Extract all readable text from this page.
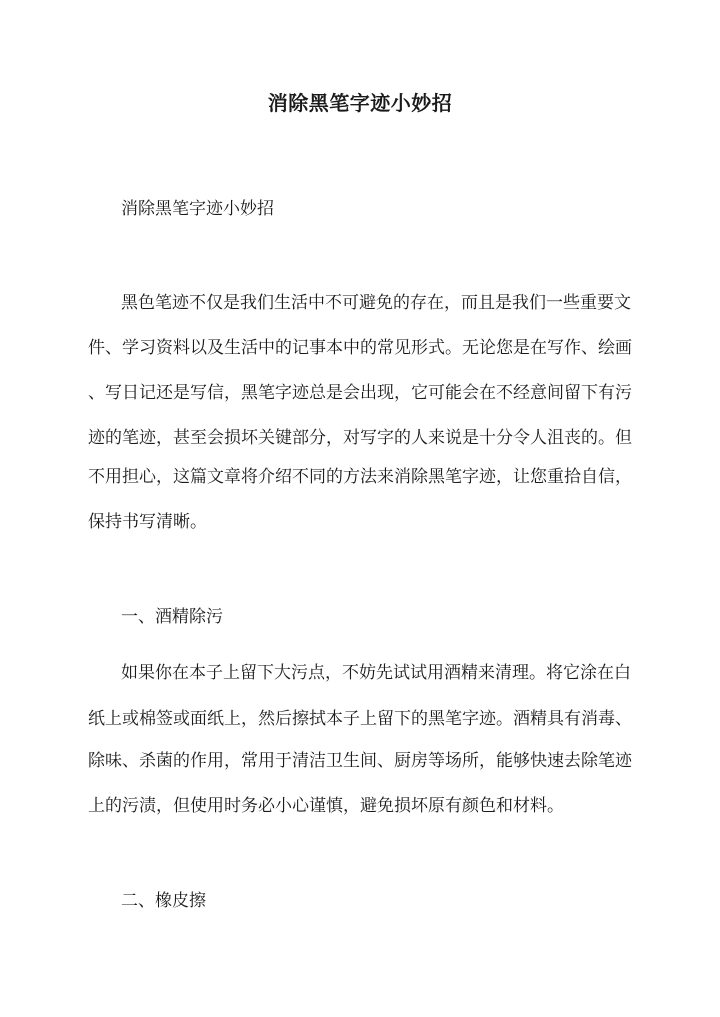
消除黑笔字迹小妙招
消除黑笔字迹小妙招
黑色笔迹不仅是我们生活中不可避免的存在，而且是我们一些重要文
件、学习资料以及生活中的记事本中的常见形式。无论您是在写作、绘画
、写日记还是写信，黑笔字迹总是会出现，它可能会在不经意间留下有污
迹的笔迹，甚至会损坏关键部分，对写字的人来说是十分令人沮丧的。但
不用担心，这篇文章将介绍不同的方法来消除黑笔字迹，让您重拾自信，
保持书写清晰。
一、酒精除污
如果你在本子上留下大污点，不妨先试试用酒精来清理。将它涂在白
纸上或棉签或面纸上，然后擦拭本子上留下的黑笔字迹。酒精具有消毒、
除味、杀菌的作用，常用于清洁卫生间、厨房等场所，能够快速去除笔迹
上的污渍，但使用时务必小心谨慎，避免损坏原有颜色和材料。
二、橡皮擦
